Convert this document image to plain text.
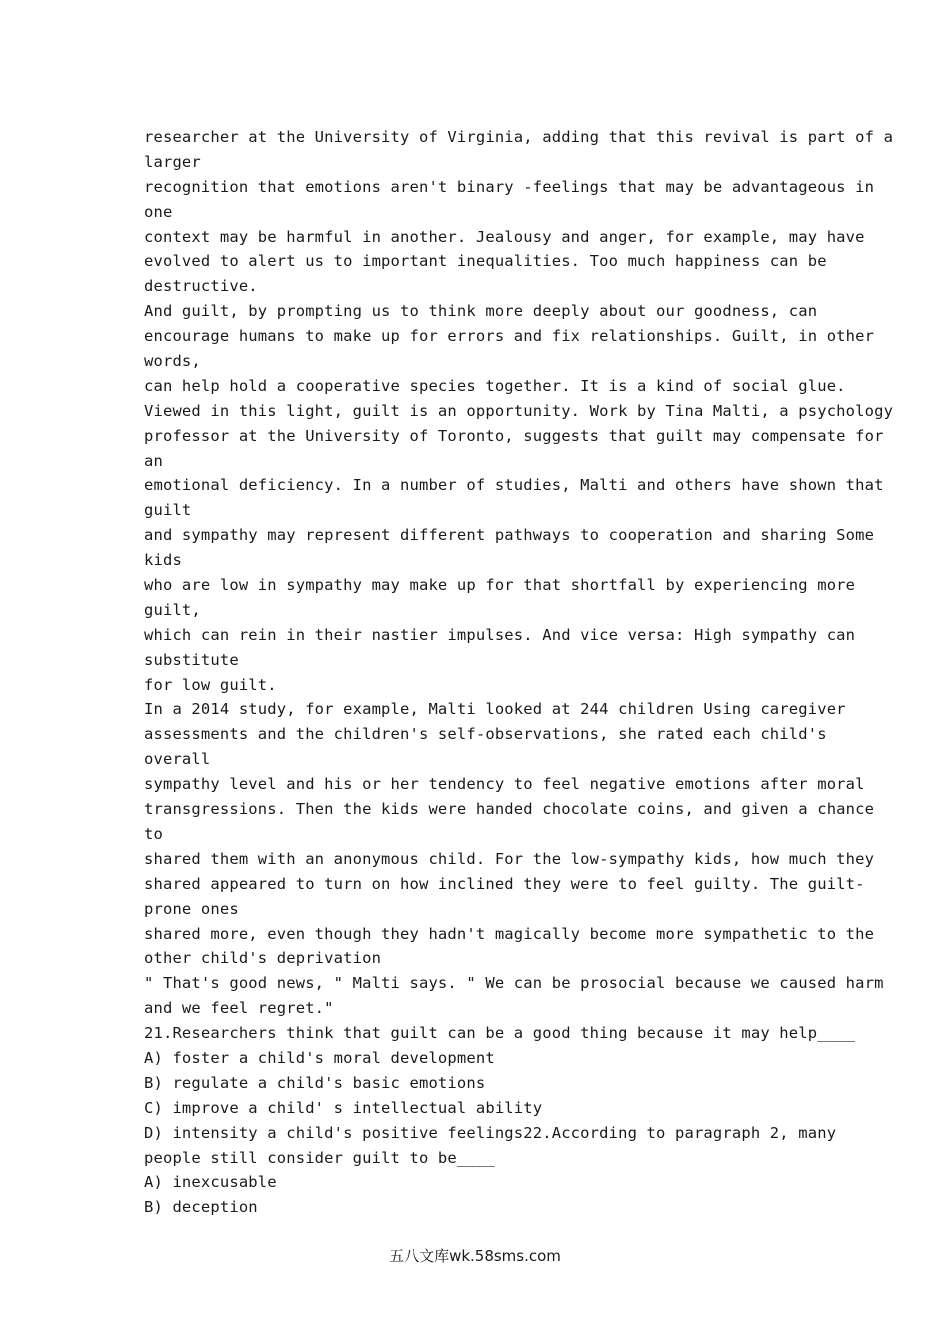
researcher at the University of Virginia, adding that this revival is part of a
larger
recognition that emotions aren't binary -feelings that may be advantageous in
one
context may be harmful in another. Jealousy and anger, for example, may have
evolved to alert us to important inequalities. Too much happiness can be
destructive.
And guilt, by prompting us to think more deeply about our goodness, can
encourage humans to make up for errors and fix relationships. Guilt, in other
words,
can help hold a cooperative species together. It is a kind of social glue.
Viewed in this light, guilt is an opportunity. Work by Tina Malti, a psychology
professor at the University of Toronto, suggests that guilt may compensate for
an
emotional deficiency. In a number of studies, Malti and others have shown that
guilt
and sympathy may represent different pathways to cooperation and sharing Some
kids
who are low in sympathy may make up for that shortfall by experiencing more
guilt,
which can rein in their nastier impulses. And vice versa: High sympathy can
substitute
for low guilt.
In a 2014 study, for example, Malti looked at 244 children Using caregiver
assessments and the children's self-observations, she rated each child's
overall
sympathy level and his or her tendency to feel negative emotions after moral
transgressions. Then the kids were handed chocolate coins, and given a chance
to
shared them with an anonymous child. For the low-sympathy kids, how much they
shared appeared to turn on how inclined they were to feel guilty. The guilt-
prone ones
shared more, even though they hadn't magically become more sympathetic to the
other child's deprivation
" That's good news, " Malti says. " We can be prosocial because we caused harm
and we feel regret."
21.Researchers think that guilt can be a good thing because it may help____
A) foster a child's moral development
B) regulate a child's basic emotions
C) improve a child' s intellectual ability
D) intensity a child's positive feelings22.According to paragraph 2, many
people still consider guilt to be____
A) inexcusable
B) deception
五八文库wk.58sms.com
